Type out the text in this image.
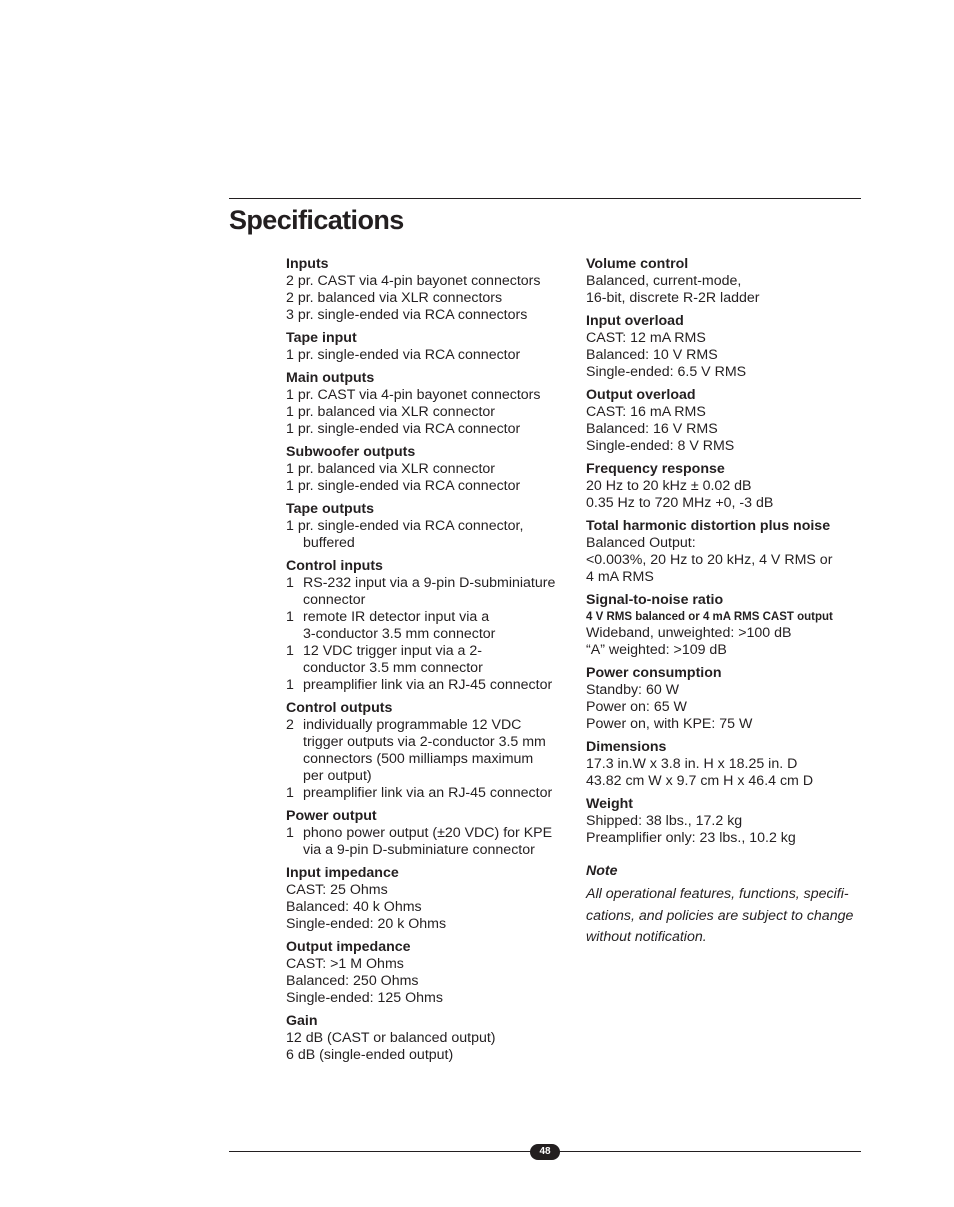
Specifications
Inputs
2 pr. CAST via 4-pin bayonet connectors
2 pr. balanced via XLR connectors
3 pr. single-ended via RCA connectors
Tape input
1 pr. single-ended via RCA connector
Main outputs
1 pr. CAST via 4-pin bayonet connectors
1 pr. balanced via XLR connector
1 pr. single-ended via RCA connector
Subwoofer outputs
1 pr. balanced via XLR connector
1 pr. single-ended via RCA connector
Tape outputs
1 pr. single-ended via RCA connector, buffered
Control inputs
1 RS-232 input via a 9-pin D-subminiature connector
1 remote IR detector input via a 3-conductor 3.5 mm connector
1 12 VDC trigger input via a 2-conductor 3.5 mm connector
1 preamplifier link via an RJ-45 connector
Control outputs
2 individually programmable 12 VDC trigger outputs via 2-conductor 3.5 mm connectors (500 milliamps maximum per output)
1 preamplifier link via an RJ-45 connector
Power output
1 phono power output (±20 VDC) for KPE via a 9-pin D-subminiature connector
Input impedance
CAST: 25 Ohms
Balanced: 40 k Ohms
Single-ended: 20 k Ohms
Output impedance
CAST: >1 M Ohms
Balanced: 250 Ohms
Single-ended: 125 Ohms
Gain
12 dB (CAST or balanced output)
6 dB (single-ended output)
Volume control
Balanced, current-mode,
16-bit, discrete R-2R ladder
Input overload
CAST: 12 mA RMS
Balanced: 10 V RMS
Single-ended: 6.5 V RMS
Output overload
CAST: 16 mA RMS
Balanced: 16 V RMS
Single-ended: 8 V RMS
Frequency response
20 Hz to 20 kHz ± 0.02 dB
0.35 Hz to 720 MHz +0, -3 dB
Total harmonic distortion plus noise
Balanced Output:
<0.003%, 20 Hz to 20 kHz, 4 V RMS or 4 mA RMS
Signal-to-noise ratio
4 V RMS balanced or 4 mA RMS CAST output
Wideband, unweighted: >100 dB
“A” weighted: >109 dB
Power consumption
Standby: 60 W
Power on: 65 W
Power on, with KPE: 75 W
Dimensions
17.3 in.W x 3.8 in. H x 18.25 in. D
43.82 cm W x 9.7 cm H x 46.4 cm D
Weight
Shipped: 38 lbs., 17.2 kg
Preamplifier only: 23 lbs., 10.2 kg
Note
All operational features, functions, specifi-cations, and policies are subject to change without notification.
48
